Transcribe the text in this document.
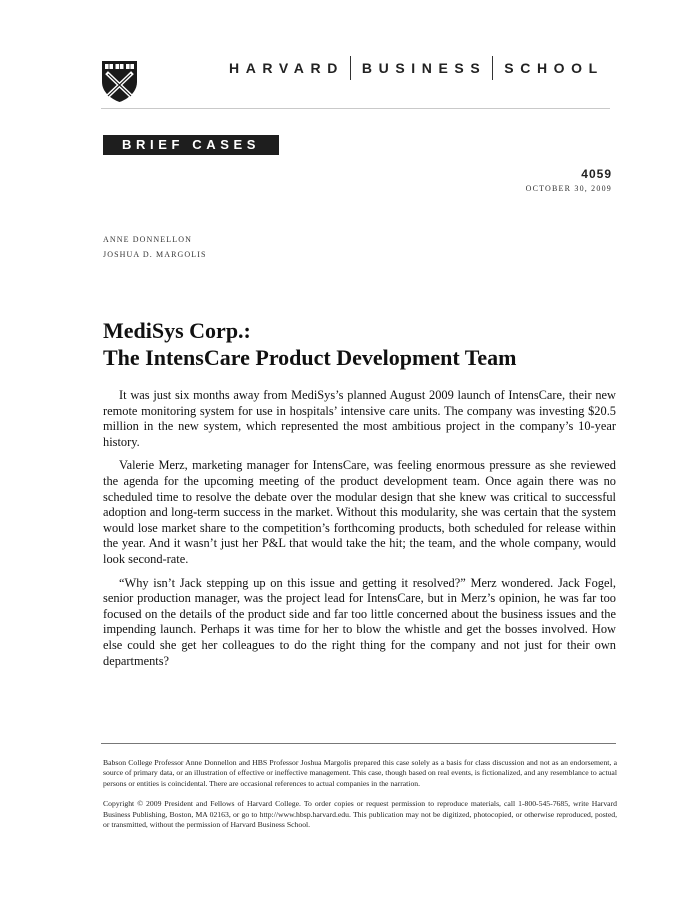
HARVARD BUSINESS SCHOOL
BRIEF CASES
4059
OCTOBER 30, 2009
ANNE DONNELLON
JOSHUA D. MARGOLIS
MediSys Corp.:
The IntensCare Product Development Team

It was just six months away from MediSys’s planned August 2009 launch of IntensCare, their new remote monitoring system for use in hospitals’ intensive care units. The company was investing $20.5 million in the new system, which represented the most ambitious project in the company’s 10-year history.

Valerie Merz, marketing manager for IntensCare, was feeling enormous pressure as she reviewed the agenda for the upcoming meeting of the product development team. Once again there was no scheduled time to resolve the debate over the modular design that she knew was critical to successful adoption and long-term success in the market. Without this modularity, she was certain that the system would lose market share to the competition’s forthcoming products, both scheduled for release within the year. And it wasn’t just her P&L that would take the hit; the team, and the whole company, would look second-rate.

“Why isn’t Jack stepping up on this issue and getting it resolved?” Merz wondered. Jack Fogel, senior production manager, was the project lead for IntensCare, but in Merz’s opinion, he was far too focused on the details of the product side and far too little concerned about the business issues and the impending launch. Perhaps it was time for her to blow the whistle and get the bosses involved. How else could she get her colleagues to do the right thing for the company and not just for their own departments?

Babson College Professor Anne Donnellon and HBS Professor Joshua Margolis prepared this case solely as a basis for class discussion and not as an endorsement, a source of primary data, or an illustration of effective or ineffective management. This case, though based on real events, is fictionalized, and any resemblance to actual persons or entities is coincidental. There are occasional references to actual companies in the narration.

Copyright © 2009 President and Fellows of Harvard College. To order copies or request permission to reproduce materials, call 1-800-545-7685, write Harvard Business Publishing, Boston, MA 02163, or go to http://www.hbsp.harvard.edu. This publication may not be digitized, photocopied, or otherwise reproduced, posted, or transmitted, without the permission of Harvard Business School.
